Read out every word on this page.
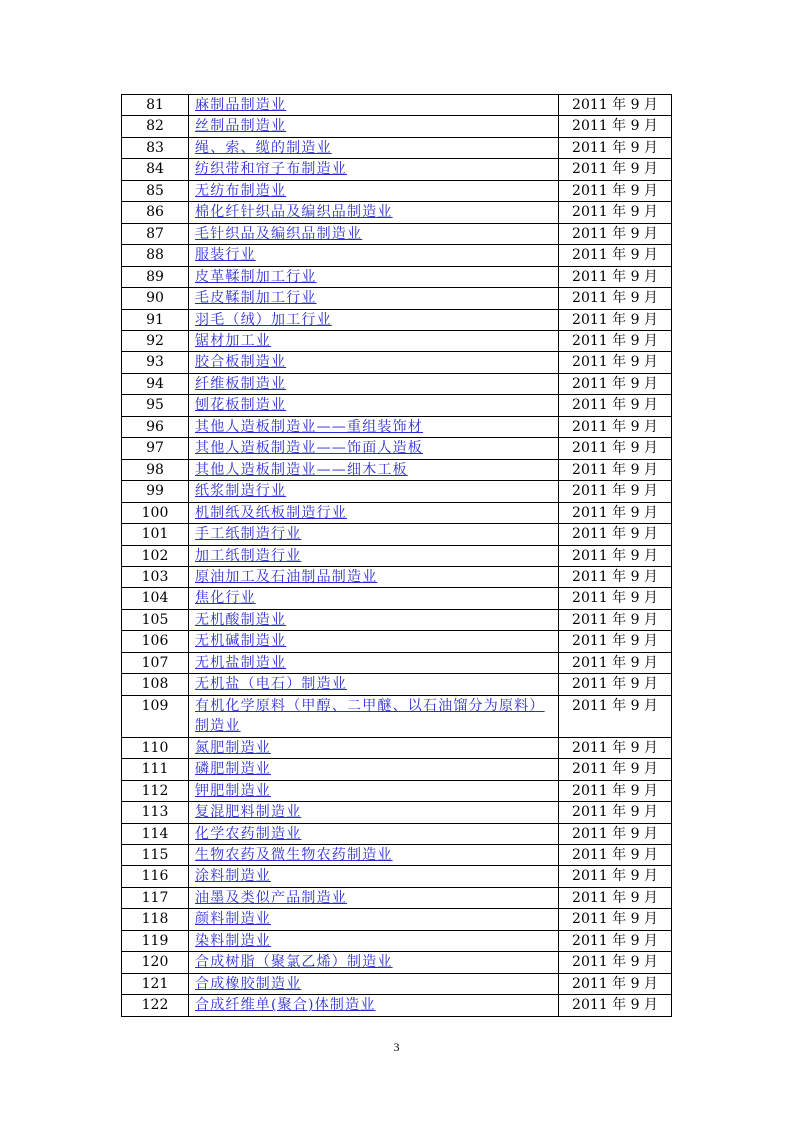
81	麻制品制造业	2011 年 9 月
82	丝制品制造业	2011 年 9 月
83	绳、索、缆的制造业	2011 年 9 月
84	纺织带和帘子布制造业	2011 年 9 月
85	无纺布制造业	2011 年 9 月
86	棉化纤针织品及编织品制造业	2011 年 9 月
87	毛针织品及编织品制造业	2011 年 9 月
88	服装行业	2011 年 9 月
89	皮革鞣制加工行业	2011 年 9 月
90	毛皮鞣制加工行业	2011 年 9 月
91	羽毛（绒）加工行业	2011 年 9 月
92	锯材加工业	2011 年 9 月
93	胶合板制造业	2011 年 9 月
94	纤维板制造业	2011 年 9 月
95	刨花板制造业	2011 年 9 月
96	其他人造板制造业——重组装饰材	2011 年 9 月
97	其他人造板制造业——饰面人造板	2011 年 9 月
98	其他人造板制造业——细木工板	2011 年 9 月
99	纸浆制造行业	2011 年 9 月
100	机制纸及纸板制造行业	2011 年 9 月
101	手工纸制造行业	2011 年 9 月
102	加工纸制造行业	2011 年 9 月
103	原油加工及石油制品制造业	2011 年 9 月
104	焦化行业	2011 年 9 月
105	无机酸制造业	2011 年 9 月
106	无机碱制造业	2011 年 9 月
107	无机盐制造业	2011 年 9 月
108	无机盐（电石）制造业	2011 年 9 月
109	有机化学原料（甲醇、二甲醚、以石油馏分为原料）制造业	2011 年 9 月
110	氮肥制造业	2011 年 9 月
111	磷肥制造业	2011 年 9 月
112	钾肥制造业	2011 年 9 月
113	复混肥料制造业	2011 年 9 月
114	化学农药制造业	2011 年 9 月
115	生物农药及微生物农药制造业	2011 年 9 月
116	涂料制造业	2011 年 9 月
117	油墨及类似产品制造业	2011 年 9 月
118	颜料制造业	2011 年 9 月
119	染料制造业	2011 年 9 月
120	合成树脂（聚氯乙烯）制造业	2011 年 9 月
121	合成橡胶制造业	2011 年 9 月
122	合成纤维单(聚合)体制造业	2011 年 9 月
3
